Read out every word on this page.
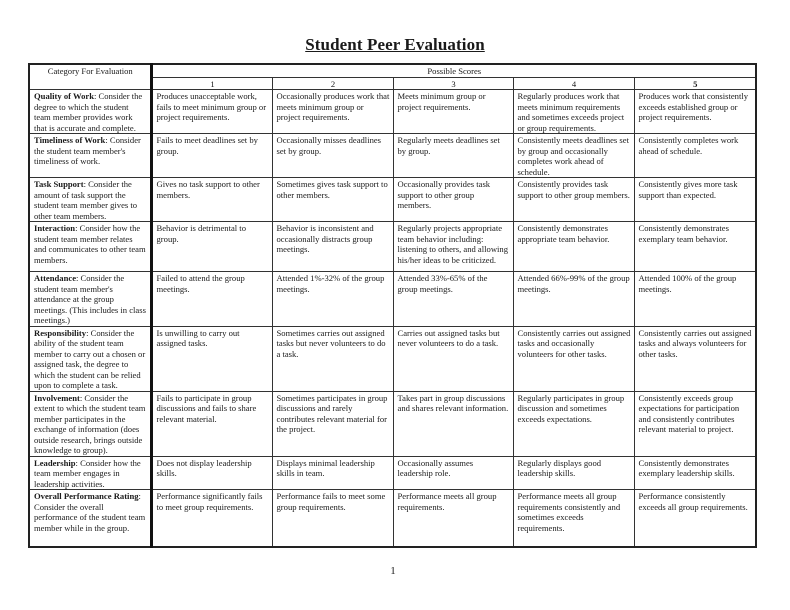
Student Peer Evaluation
Category For Evaluation	Possible Scores				
	1	2	3	4	5
Quality of Work: Consider the degree to which the student team member provides work that is accurate and complete.	Produces unacceptable work, fails to meet minimum group or project requirements.	Occasionally produces work that meets minimum group or project requirements.	Meets minimum group or project requirements.	Regularly produces work that meets minimum requirements and sometimes exceeds project or group requirements.	Produces work that consistently exceeds established group or project requirements.
Timeliness of Work: Consider the student team member's timeliness of work.	Fails to meet deadlines set by group.	Occasionally misses deadlines set by group.	Regularly meets deadlines set by group.	Consistently meets deadlines set by group and occasionally completes work ahead of schedule.	Consistently completes work ahead of schedule.
Task Support: Consider the amount of task support the student team member gives to other team members.	Gives no task support to other members.	Sometimes gives task support to other members.	Occasionally provides task support to other group members.	Consistently provides task support to other group members.	Consistently gives more task support than expected.
Interaction: Consider how the student team member relates and communicates to other team members.	Behavior is detrimental to group.	Behavior is inconsistent and occasionally distracts group meetings.	Regularly projects appropriate team behavior including: listening to others, and allowing his/her ideas to be criticized.	Consistently demonstrates appropriate team behavior.	Consistently demonstrates exemplary team behavior.
Attendance: Consider the student team member's attendance at the group meetings. (This includes in class meetings.)	Failed to attend the group meetings.	Attended 1%-32% of the group meetings.	Attended 33%-65% of the group meetings.	Attended 66%-99% of the group meetings.	Attended 100% of the group meetings.
Responsibility: Consider the ability of the student team member to carry out a chosen or assigned task, the degree to which the student can be relied upon to complete a task.	Is unwilling to carry out assigned tasks.	Sometimes carries out assigned tasks but never volunteers to do a task.	Carries out assigned tasks but never volunteers to do a task.	Consistently carries out assigned tasks and occasionally volunteers for other tasks.	Consistently carries out assigned tasks and always volunteers for other tasks.
Involvement: Consider the extent to which the student team member participates in the exchange of information (does outside research, brings outside knowledge to group).	Fails to participate in group discussions and fails to share relevant material.	Sometimes participates in group discussions and rarely contributes relevant material for the project.	Takes part in group discussions and shares relevant information.	Regularly participates in group discussion and sometimes exceeds expectations.	Consistently exceeds group expectations for participation and consistently contributes relevant material to project.
Leadership: Consider how the team member engages in leadership activities.	Does not display leadership skills.	Displays minimal leadership skills in team.	Occasionally assumes leadership role.	Regularly displays good leadership skills.	Consistently demonstrates exemplary leadership skills.
Overall Performance Rating: Consider the overall performance of the student team member while in the group.	Performance significantly fails to meet group requirements.	Performance fails to meet some group requirements.	Performance meets all group requirements.	Performance meets all group requirements consistently and sometimes exceeds requirements.	Performance consistently exceeds all group requirements.
1
